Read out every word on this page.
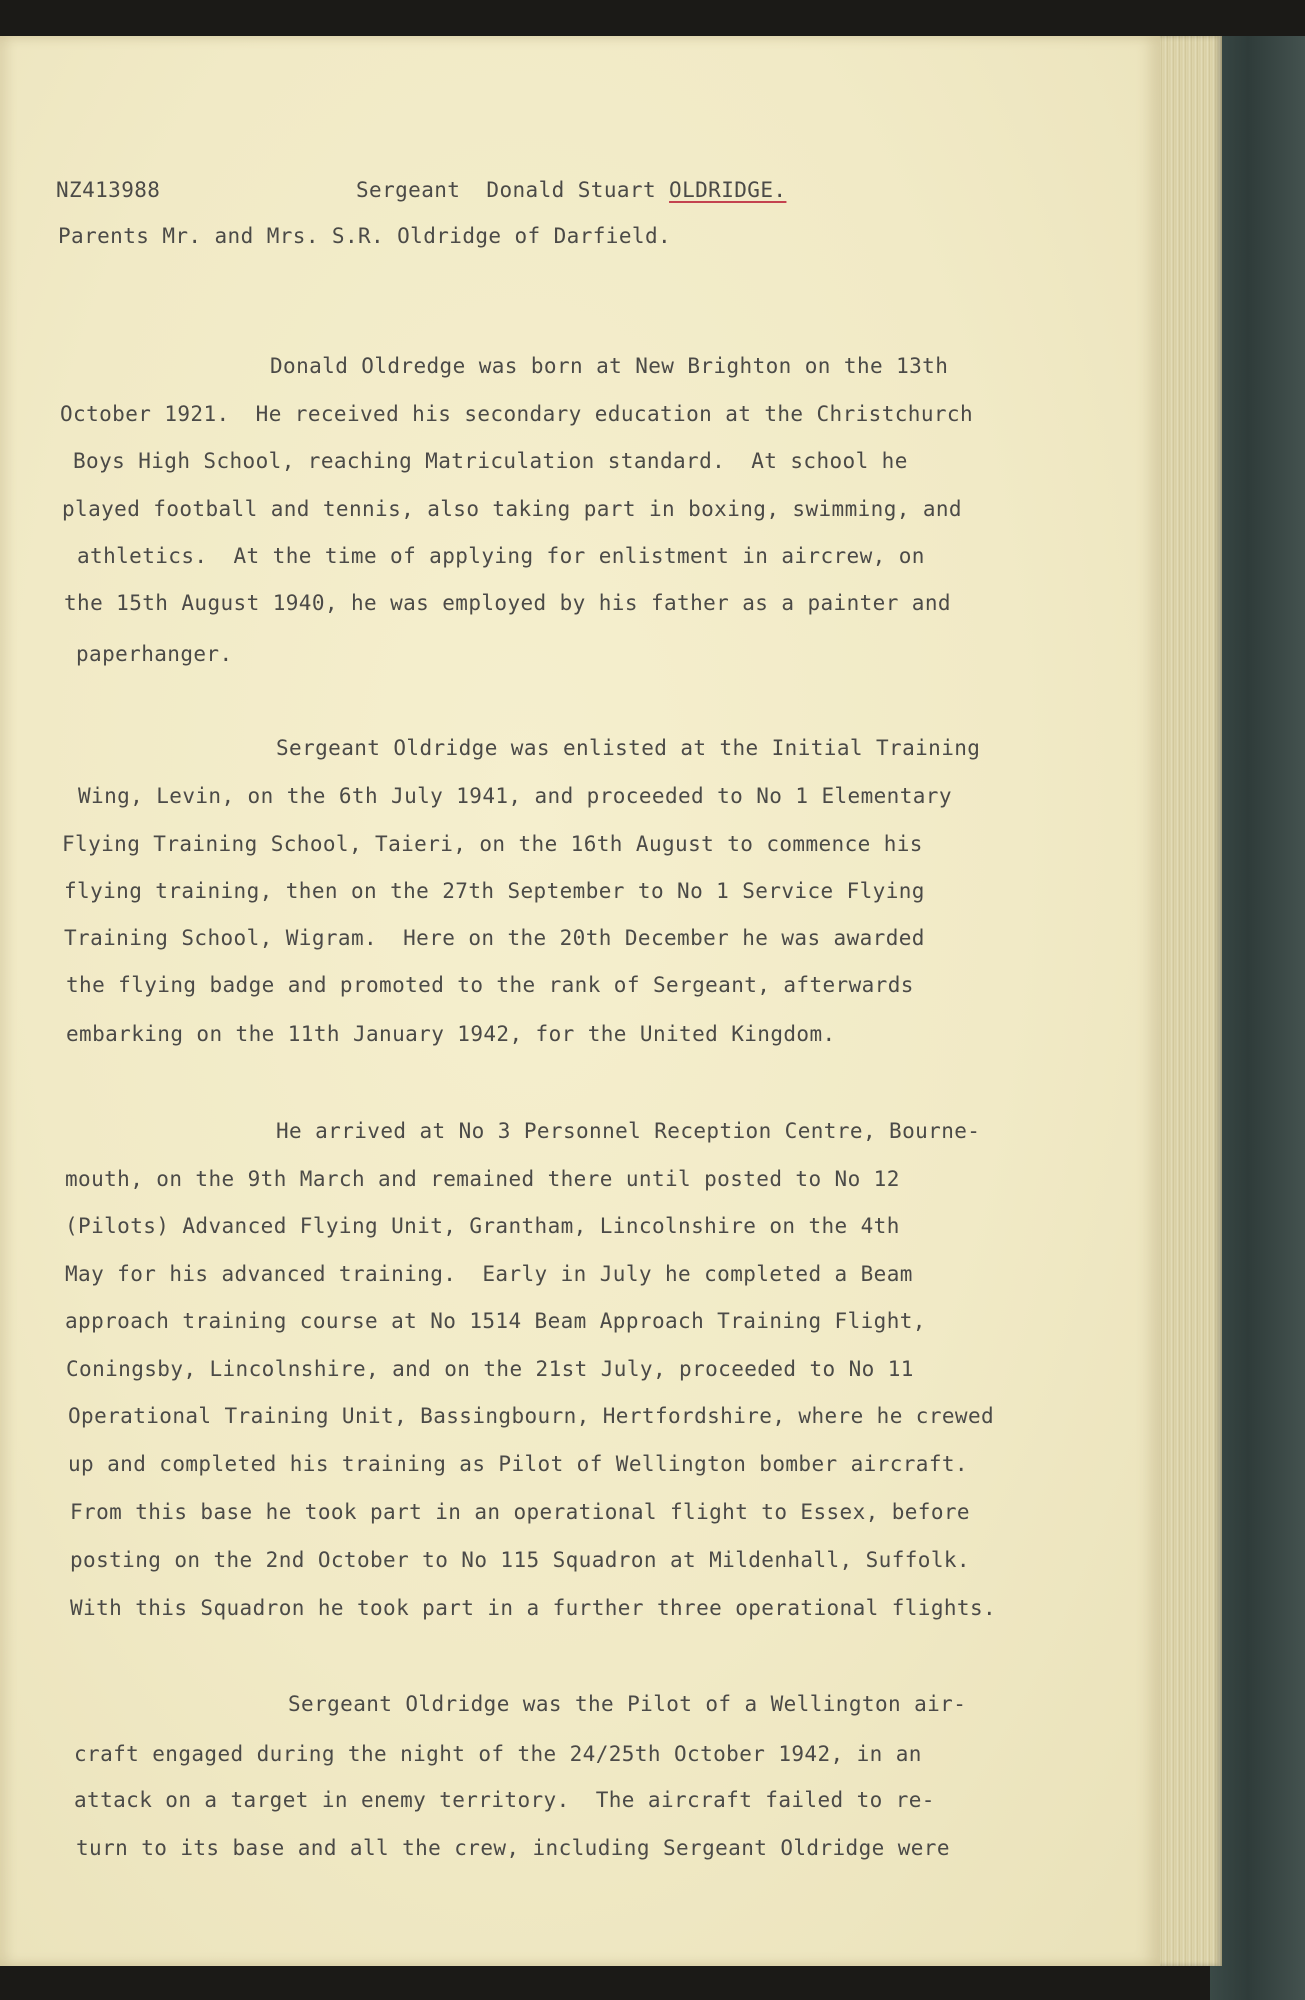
NZ413988	Sergeant  Donald Stuart OLDRIDGE.
Parents Mr. and Mrs. S.R. Oldridge of Darfield.
Donald Oldredge was born at New Brighton on the 13th
October 1921.  He received his secondary education at the Christchurch
Boys High School, reaching Matriculation standard.  At school he
played football and tennis, also taking part in boxing, swimming, and
athletics.  At the time of applying for enlistment in aircrew, on
the 15th August 1940, he was employed by his father as a painter and
paperhanger.
Sergeant Oldridge was enlisted at the Initial Training
Wing, Levin, on the 6th July 1941, and proceeded to No 1 Elementary
Flying Training School, Taieri, on the 16th August to commence his
flying training, then on the 27th September to No 1 Service Flying
Training School, Wigram.  Here on the 20th December he was awarded
the flying badge and promoted to the rank of Sergeant, afterwards
embarking on the 11th January 1942, for the United Kingdom.
He arrived at No 3 Personnel Reception Centre, Bourne-
mouth, on the 9th March and remained there until posted to No 12
(Pilots) Advanced Flying Unit, Grantham, Lincolnshire on the 4th
May for his advanced training.  Early in July he completed a Beam
approach training course at No 1514 Beam Approach Training Flight,
Coningsby, Lincolnshire, and on the 21st July, proceeded to No 11
Operational Training Unit, Bassingbourn, Hertfordshire, where he crewed
up and completed his training as Pilot of Wellington bomber aircraft.
From this base he took part in an operational flight to Essex, before
posting on the 2nd October to No 115 Squadron at Mildenhall, Suffolk.
With this Squadron he took part in a further three operational flights.
Sergeant Oldridge was the Pilot of a Wellington air-
craft engaged during the night of the 24/25th October 1942, in an
attack on a target in enemy territory.  The aircraft failed to re-
turn to its base and all the crew, including Sergeant Oldridge were
